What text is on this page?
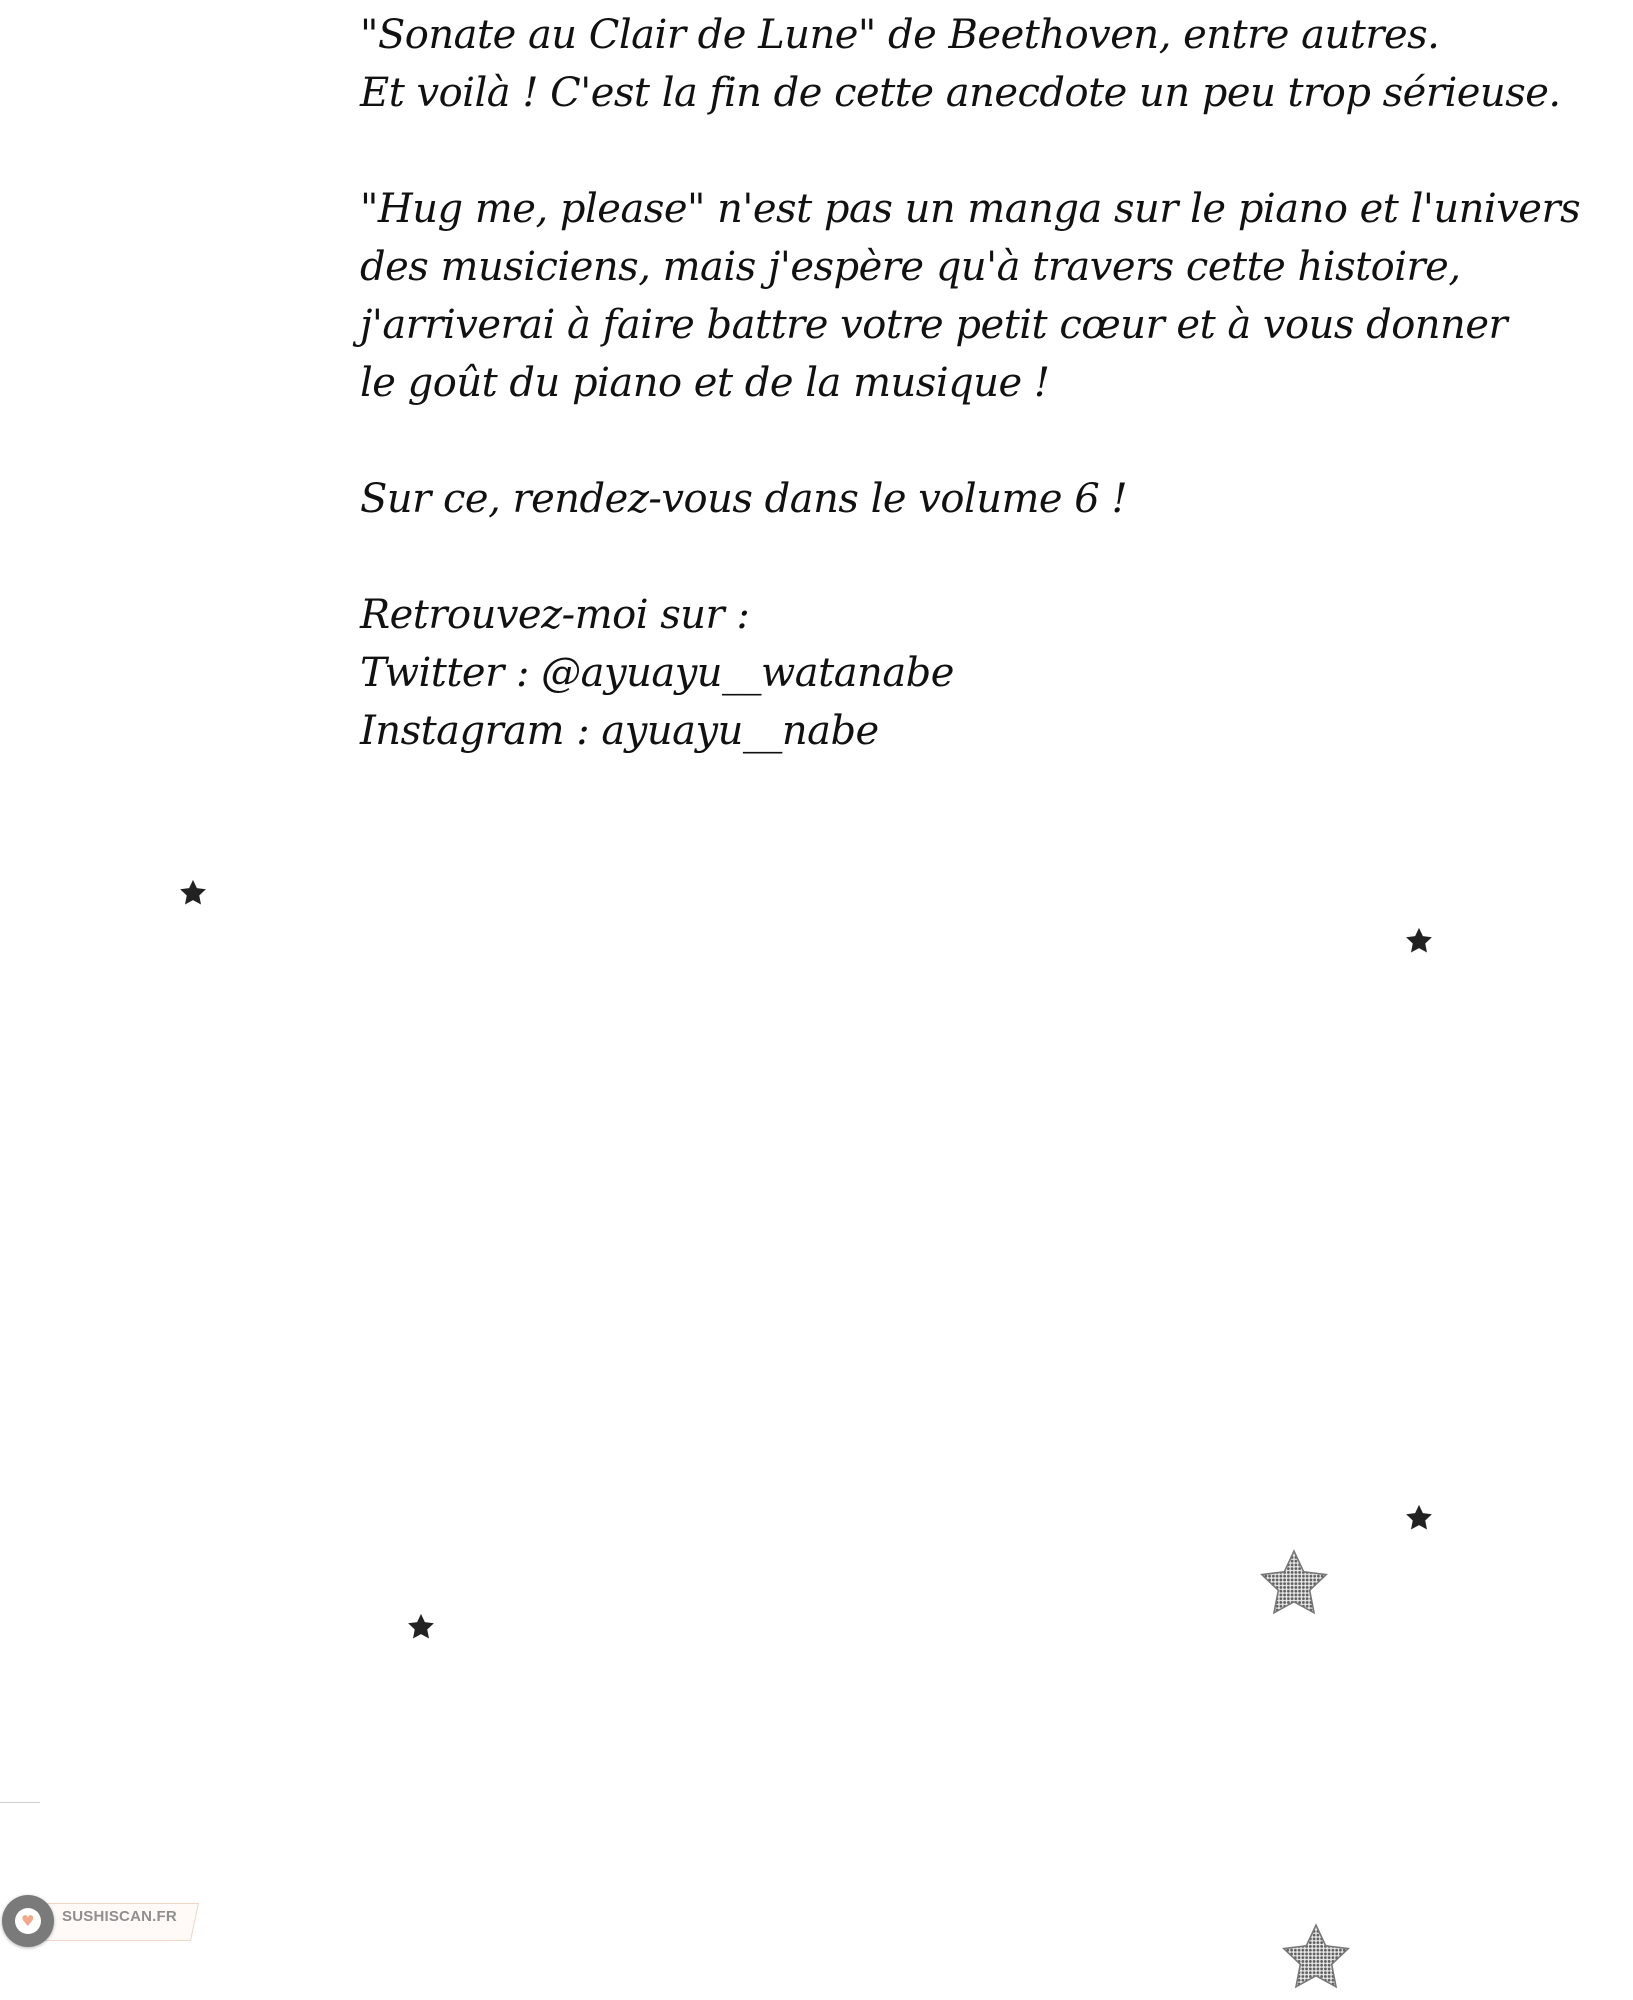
"Sonate au Clair de Lune" de Beethoven, entre autres.
Et voilà ! C'est la fin de cette anecdote un peu trop sérieuse.
"Hug me, please" n'est pas un manga sur le piano et l'univers
des musiciens, mais j'espère qu'à travers cette histoire,
j'arriverai à faire battre votre petit cœur et à vous donner
le goût du piano et de la musique !
Sur ce, rendez-vous dans le volume 6 !
Retrouvez-moi sur :
Twitter : @ayuayu__watanabe
Instagram : ayuayu__nabe
SUSHISCAN.FR
♥
